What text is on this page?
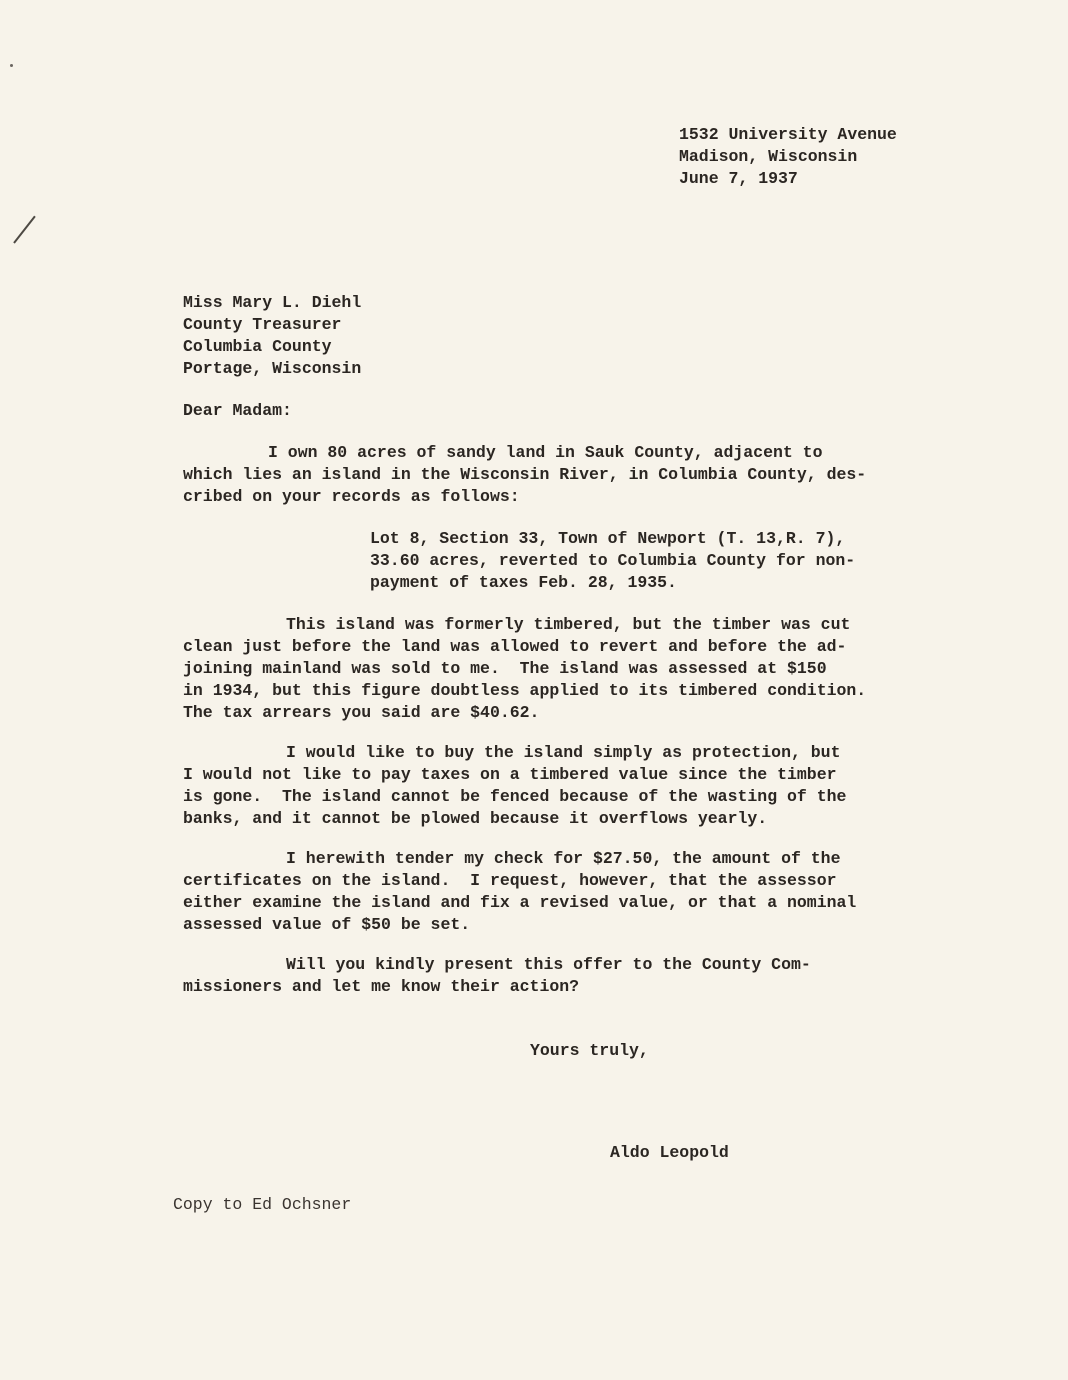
1532 University Avenue
Madison, Wisconsin
June 7, 1937
Miss Mary L. Diehl
County Treasurer
Columbia County
Portage, Wisconsin
Dear Madam:
I own 80 acres of sandy land in Sauk County, adjacent to
which lies an island in the Wisconsin River, in Columbia County, des-
cribed on your records as follows:
Lot 8, Section 33, Town of Newport (T. 13,R. 7),
33.60 acres, reverted to Columbia County for non-
payment of taxes Feb. 28, 1935.
This island was formerly timbered, but the timber was cut
clean just before the land was allowed to revert and before the ad-
joining mainland was sold to me.  The island was assessed at $150
in 1934, but this figure doubtless applied to its timbered condition.
The tax arrears you said are $40.62.
I would like to buy the island simply as protection, but
I would not like to pay taxes on a timbered value since the timber
is gone.  The island cannot be fenced because of the wasting of the
banks, and it cannot be plowed because it overflows yearly.
I herewith tender my check for $27.50, the amount of the
certificates on the island.  I request, however, that the assessor
either examine the island and fix a revised value, or that a nominal
assessed value of $50 be set.
Will you kindly present this offer to the County Com-
missioners and let me know their action?
Yours truly,
Aldo Leopold
Copy to Ed Ochsner
